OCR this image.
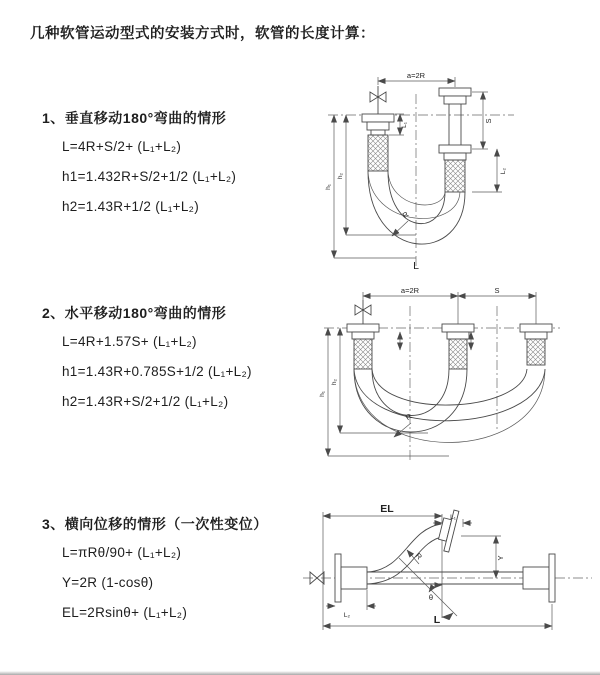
几种软管运动型式的安装方式时，软管的长度计算：
1、垂直移动180°弯曲的情形
L=4R+S/2+ (L₁+L₂)
h1=1.432R+S/2+1/2 (L₁+L₂)
h2=1.43R+1/2 (L₁+L₂)
a=2R
S
L₁
L₂
h₁
h₂
R
L
2、水平移动180°弯曲的情形
L=4R+1.57S+ (L₁+L₂)
h1=1.43R+0.785S+1/2 (L₁+L₂)
h2=1.43R+S/2+1/2 (L₁+L₂)
a=2R	S
h₁
h₂
R
3、横向位移的情形（一次性变位）
L=πRθ/90+ (L₁+L₂)
Y=2R (1-cosθ)
EL=2Rsinθ+ (L₁+L₂)
EL
L₁
L₂
Y
R
θ
L
